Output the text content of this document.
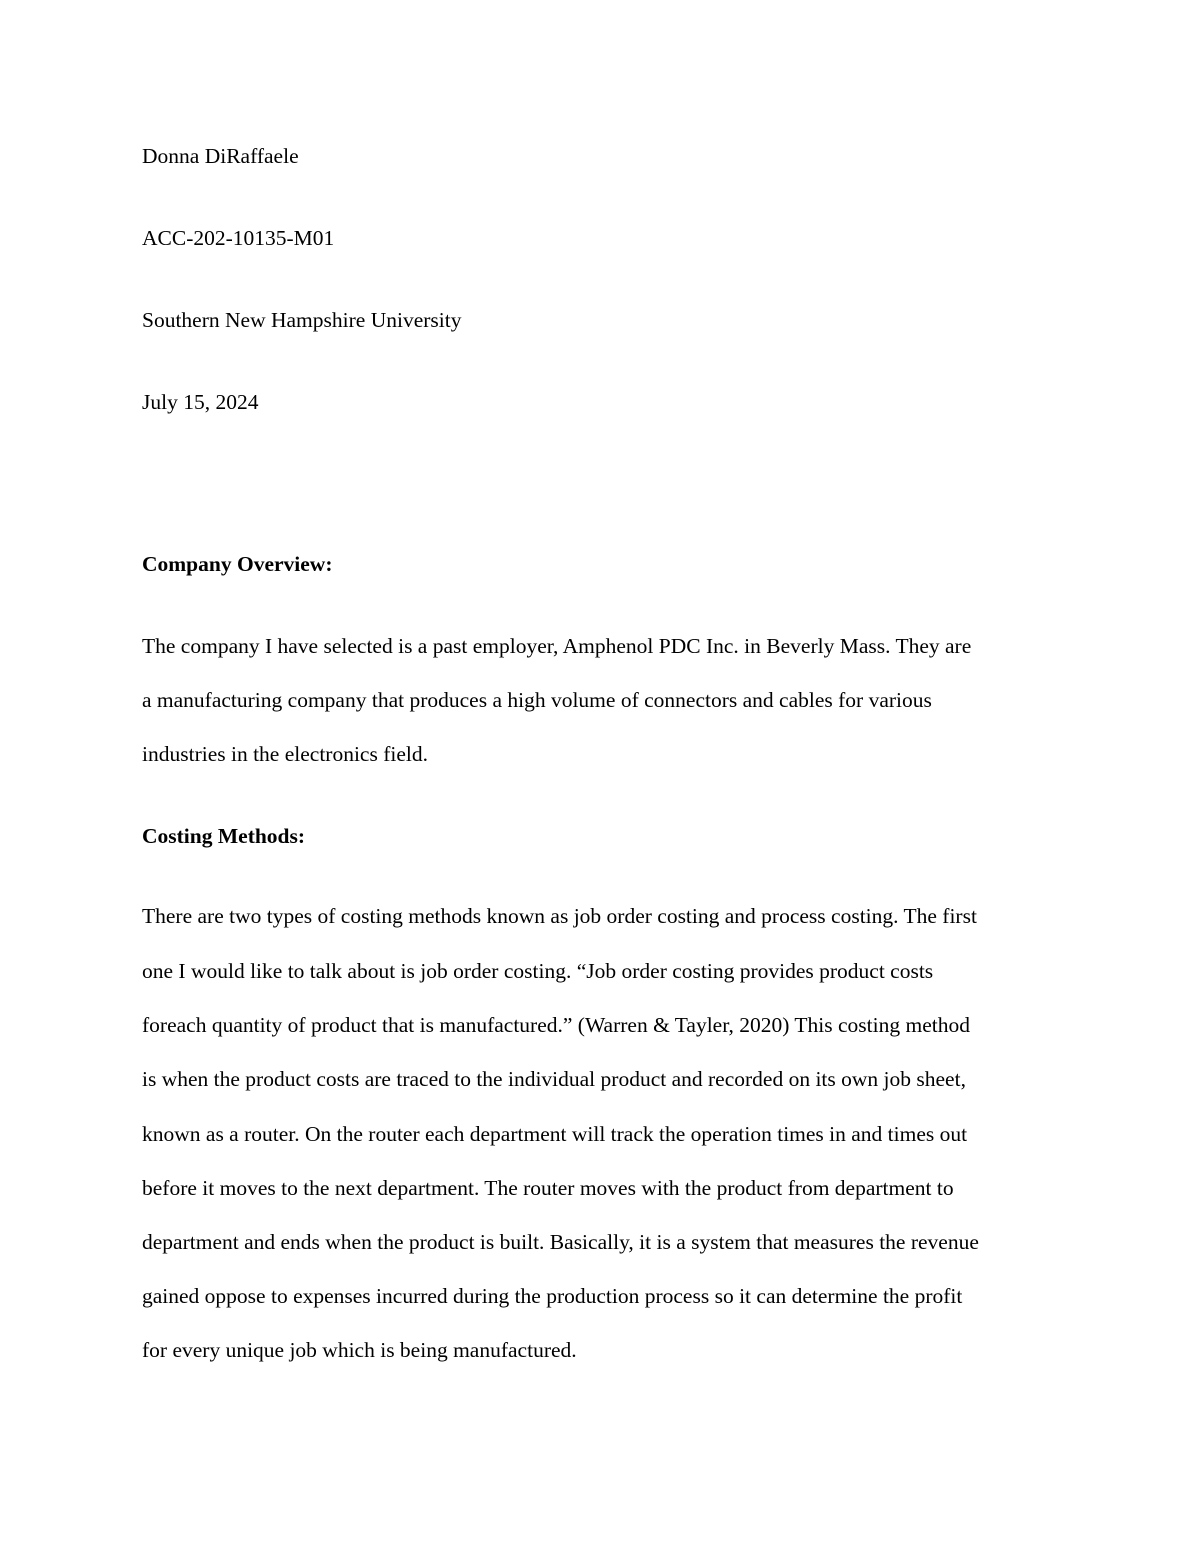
Donna DiRaffaele

ACC-202-10135-M01

Southern New Hampshire University

July 15, 2024

Company Overview:

The company I have selected is a past employer, Amphenol PDC Inc. in Beverly Mass. They are

a manufacturing company that produces a high volume of connectors and cables for various

industries in the electronics field.

Costing Methods:

There are two types of costing methods known as job order costing and process costing. The first

one I would like to talk about is job order costing. “Job order costing provides product costs

foreach quantity of product that is manufactured.” (Warren & Tayler, 2020) This costing method

is when the product costs are traced to the individual product and recorded on its own job sheet,

known as a router. On the router each department will track the operation times in and times out

before it moves to the next department. The router moves with the product from department to

department and ends when the product is built. Basically, it is a system that measures the revenue

gained oppose to expenses incurred during the production process so it can determine the profit

for every unique job which is being manufactured.
